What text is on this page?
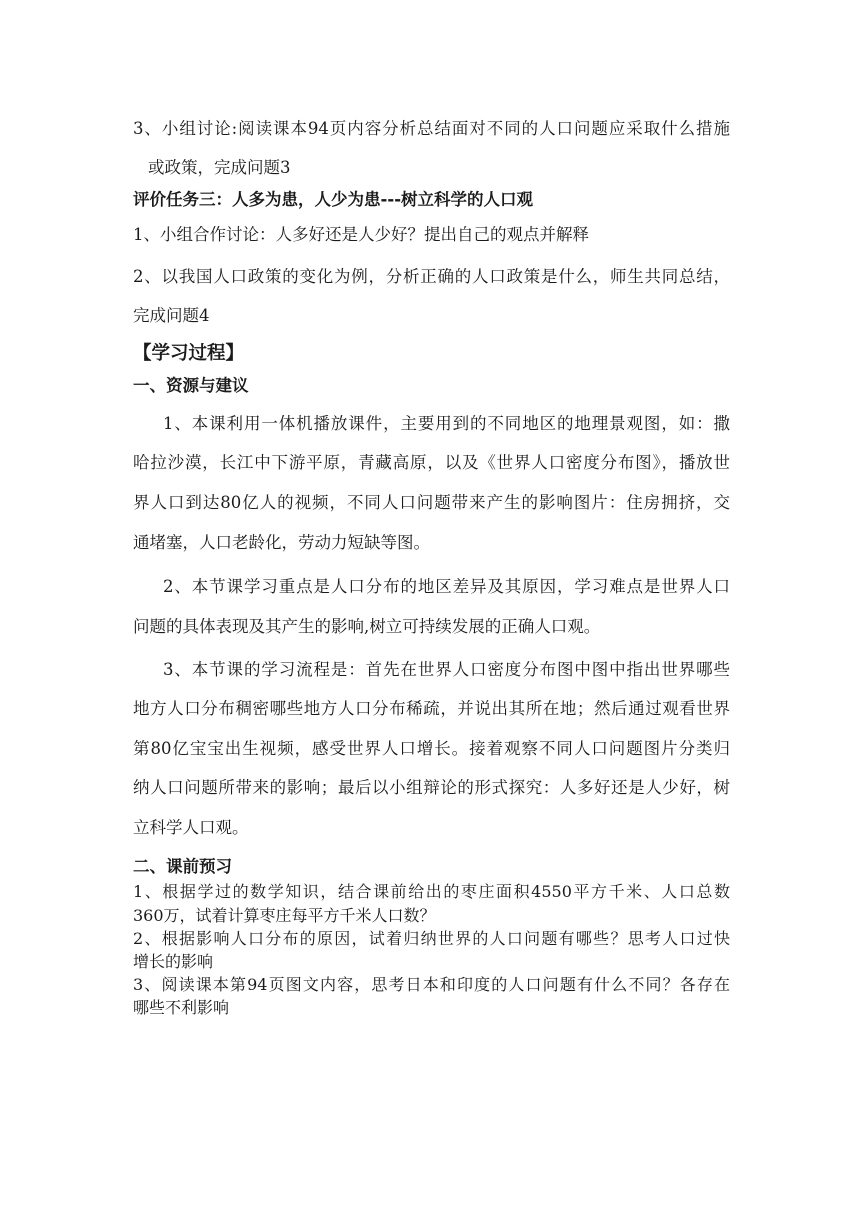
3、小组讨论:阅读课本94页内容分析总结面对不同的人口问题应采取什么措施
或政策，完成问题3
评价任务三：人多为患，人少为患---树立科学的人口观
1、小组合作讨论：人多好还是人少好？提出自己的观点并解释
2、以我国人口政策的变化为例，分析正确的人口政策是什么，师生共同总结，
完成问题4
【学习过程】
一、资源与建议
1、本课利用一体机播放课件，主要用到的不同地区的地理景观图，如：撒
哈拉沙漠，长江中下游平原，青藏高原，以及《世界人口密度分布图》，播放世
界人口到达80亿人的视频，不同人口问题带来产生的影响图片：住房拥挤，交
通堵塞，人口老龄化，劳动力短缺等图。
2、本节课学习重点是人口分布的地区差异及其原因，学习难点是世界人口
问题的具体表现及其产生的影响,树立可持续发展的正确人口观。
3、本节课的学习流程是：首先在世界人口密度分布图中图中指出世界哪些
地方人口分布稠密哪些地方人口分布稀疏，并说出其所在地；然后通过观看世界
第80亿宝宝出生视频，感受世界人口增长。接着观察不同人口问题图片分类归
纳人口问题所带来的影响；最后以小组辩论的形式探究：人多好还是人少好，树
立科学人口观。
二、课前预习
1、根据学过的数学知识，结合课前给出的枣庄面积4550平方千米、人口总数
360万，试着计算枣庄每平方千米人口数？
2、根据影响人口分布的原因，试着归纳世界的人口问题有哪些？思考人口过快
增长的影响
3、阅读课本第94页图文内容，思考日本和印度的人口问题有什么不同？各存在
哪些不利影响
